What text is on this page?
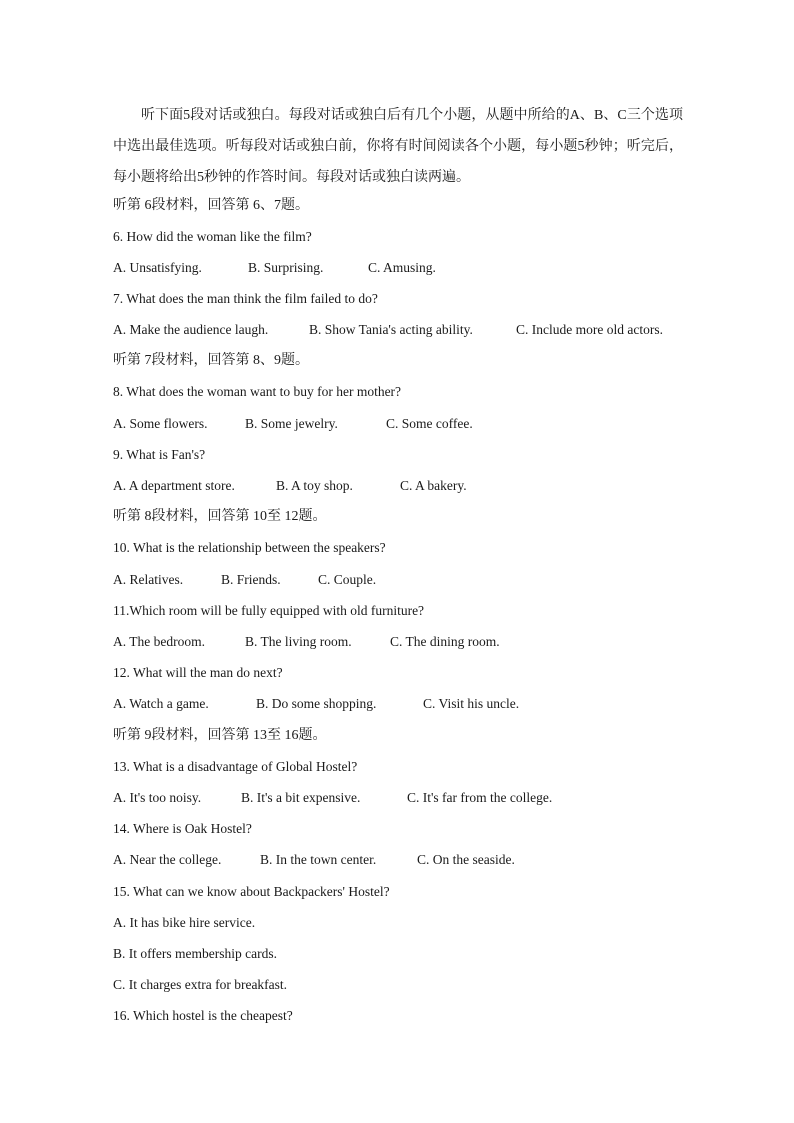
听下面5段对话或独白。每段对话或独白后有几个小题，从题中所给的A、B、C三个选项中选出最佳选项。听每段对话或独白前，你将有时间阅读各个小题，每小题5秒钟；听完后，每小题将给出5秒钟的作答时间。每段对话或独白读两遍。

听第 6段材料，回答第 6、7题。

6. How did the woman like the film?

A. Unsatisfying.	B. Surprising.	C. Amusing.

7. What does the man think the film failed to do?

A. Make the audience laugh.	B. Show Tania's acting ability.	C. Include more old actors.

听第 7段材料，回答第 8、9题。

8. What does the woman want to buy for her mother?

A. Some flowers.	B. Some jewelry.	C. Some coffee.

9. What is Fan's?

A. A department store.	B. A toy shop.	C. A bakery.

听第 8段材料，回答第 10至 12题。

10. What is the relationship between the speakers?

A. Relatives.	B. Friends.	C. Couple.

11.Which room will be fully equipped with old furniture?

A. The bedroom.	B. The living room.	C. The dining room.

12. What will the man do next?

A. Watch a game.	B. Do some shopping.	C. Visit his uncle.

听第 9段材料，回答第 13至 16题。

13. What is a disadvantage of Global Hostel?

A. It's too noisy.	B. It's a bit expensive.	C. It's far from the college.

14. Where is Oak Hostel?

A. Near the college.	B. In the town center.	C. On the seaside.

15. What can we know about Backpackers' Hostel?

A. It has bike hire service.

B. It offers membership cards.

C. It charges extra for breakfast.

16. Which hostel is the cheapest?
